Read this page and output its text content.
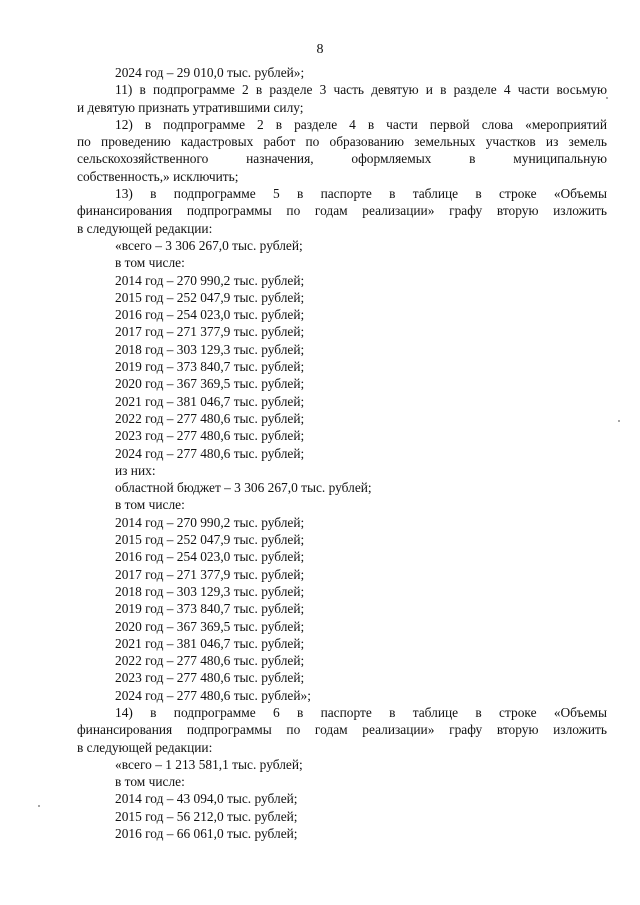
8
2024 год – 29 010,0 тыс. рублей»;
11) в подпрограмме 2 в разделе 3 часть девятую и в разделе 4 части восьмую
и девятую признать утратившими силу;
12) в подпрограмме 2 в разделе 4 в части первой слова «мероприятий
по проведению кадастровых работ по образованию земельных участков из земель
сельскохозяйственного назначения, оформляемых в муниципальную
собственность,» исключить;
13) в подпрограмме 5 в паспорте в таблице в строке «Объемы
финансирования подпрограммы по годам реализации» графу вторую изложить
в следующей редакции:
«всего – 3 306 267,0 тыс. рублей;
в том числе:
2014 год – 270 990,2 тыс. рублей;
2015 год – 252 047,9 тыс. рублей;
2016 год – 254 023,0 тыс. рублей;
2017 год – 271 377,9 тыс. рублей;
2018 год – 303 129,3 тыс. рублей;
2019 год – 373 840,7 тыс. рублей;
2020 год – 367 369,5 тыс. рублей;
2021 год – 381 046,7 тыс. рублей;
2022 год – 277 480,6 тыс. рублей;
2023 год – 277 480,6 тыс. рублей;
2024 год – 277 480,6 тыс. рублей;
из них:
областной бюджет – 3 306 267,0 тыс. рублей;
в том числе:
2014 год – 270 990,2 тыс. рублей;
2015 год – 252 047,9 тыс. рублей;
2016 год – 254 023,0 тыс. рублей;
2017 год – 271 377,9 тыс. рублей;
2018 год – 303 129,3 тыс. рублей;
2019 год – 373 840,7 тыс. рублей;
2020 год – 367 369,5 тыс. рублей;
2021 год – 381 046,7 тыс. рублей;
2022 год – 277 480,6 тыс. рублей;
2023 год – 277 480,6 тыс. рублей;
2024 год – 277 480,6 тыс. рублей»;
14) в подпрограмме 6 в паспорте в таблице в строке «Объемы
финансирования подпрограммы по годам реализации» графу вторую изложить
в следующей редакции:
«всего – 1 213 581,1 тыс. рублей;
в том числе:
2014 год – 43 094,0 тыс. рублей;
2015 год – 56 212,0 тыс. рублей;
2016 год – 66 061,0 тыс. рублей;
